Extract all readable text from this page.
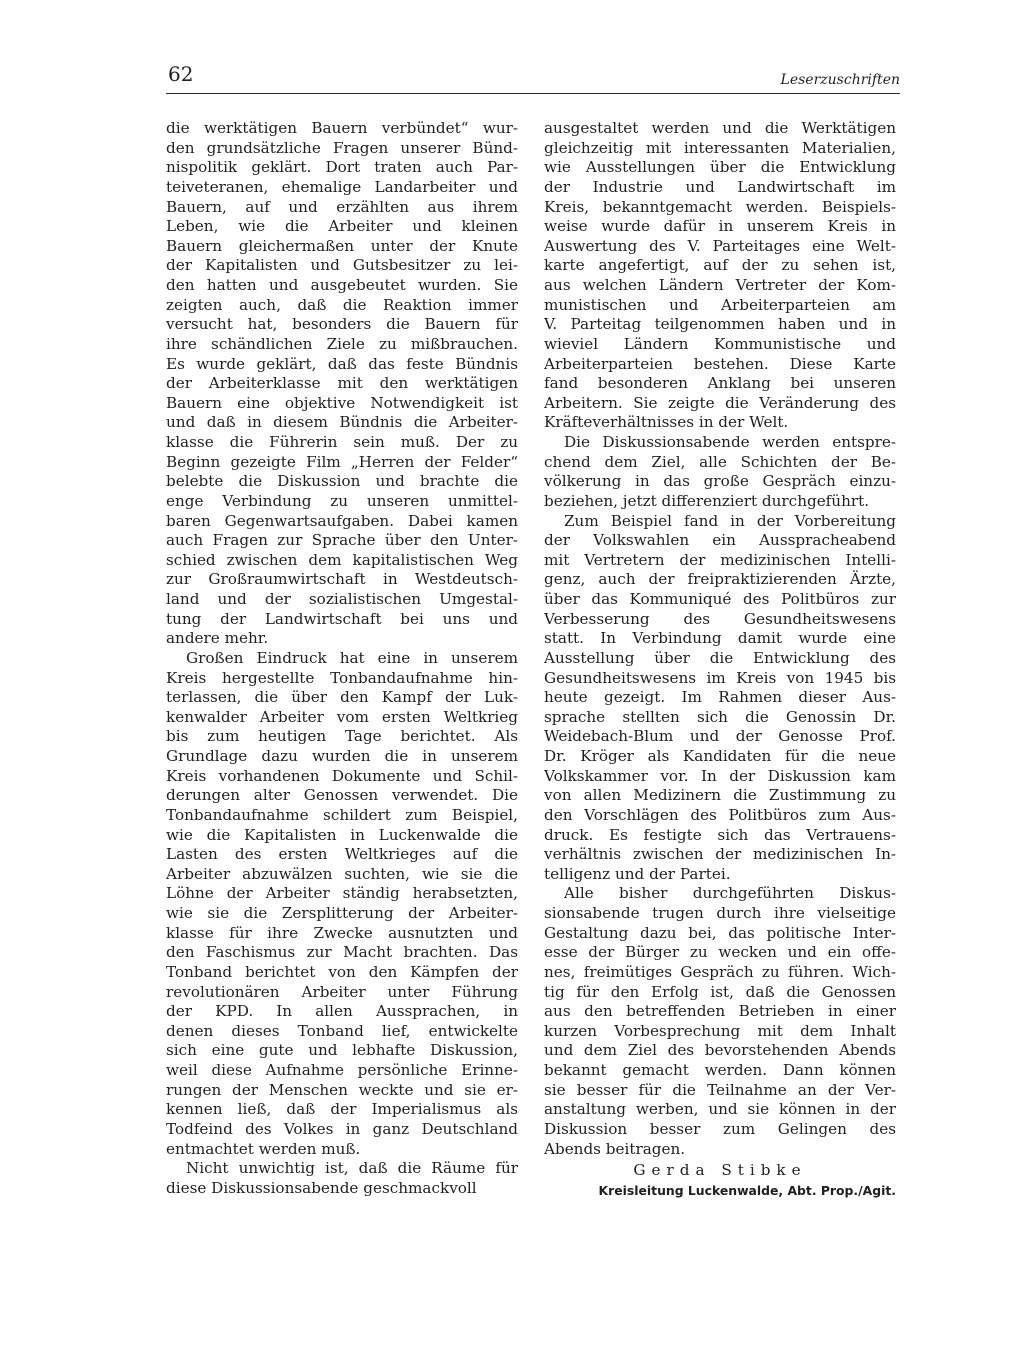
62	Leserzuschriften
die werktätigen Bauern verbündet“ wur-
den grundsätzliche Fragen unserer Bünd-
nispolitik geklärt. Dort traten auch Par-
teiveteranen, ehemalige Landarbeiter und
Bauern, auf und erzählten aus ihrem
Leben, wie die Arbeiter und kleinen
Bauern gleichermaßen unter der Knute
der Kapitalisten und Gutsbesitzer zu lei-
den hatten und ausgebeutet wurden. Sie
zeigten auch, daß die Reaktion immer
versucht hat, besonders die Bauern für
ihre schändlichen Ziele zu mißbrauchen.
Es wurde geklärt, daß das feste Bündnis
der Arbeiterklasse mit den werktätigen
Bauern eine objektive Notwendigkeit ist
und daß in diesem Bündnis die Arbeiter-
klasse die Führerin sein muß. Der zu
Beginn gezeigte Film „Herren der Felder“
belebte die Diskussion und brachte die
enge Verbindung zu unseren unmittel-
baren Gegenwartsaufgaben. Dabei kamen
auch Fragen zur Sprache über den Unter-
schied zwischen dem kapitalistischen Weg
zur Großraumwirtschaft in Westdeutsch-
land und der sozialistischen Umgestal-
tung der Landwirtschaft bei uns und
andere mehr.
Großen Eindruck hat eine in unserem
Kreis hergestellte Tonbandaufnahme hin-
terlassen, die über den Kampf der Luk-
kenwalder Arbeiter vom ersten Weltkrieg
bis zum heutigen Tage berichtet. Als
Grundlage dazu wurden die in unserem
Kreis vorhandenen Dokumente und Schil-
derungen alter Genossen verwendet. Die
Tonbandaufnahme schildert zum Beispiel,
wie die Kapitalisten in Luckenwalde die
Lasten des ersten Weltkrieges auf die
Arbeiter abzuwälzen suchten, wie sie die
Löhne der Arbeiter ständig herabsetzten,
wie sie die Zersplitterung der Arbeiter-
klasse für ihre Zwecke ausnutzten und
den Faschismus zur Macht brachten. Das
Tonband berichtet von den Kämpfen der
revolutionären Arbeiter unter Führung
der KPD. In allen Aussprachen, in
denen dieses Tonband lief, entwickelte
sich eine gute und lebhafte Diskussion,
weil diese Aufnahme persönliche Erinne-
rungen der Menschen weckte und sie er-
kennen ließ, daß der Imperialismus als
Todfeind des Volkes in ganz Deutschland
entmachtet werden muß.
Nicht unwichtig ist, daß die Räume für
diese Diskussionsabende geschmackvoll
ausgestaltet werden und die Werktätigen
gleichzeitig mit interessanten Materialien,
wie Ausstellungen über die Entwicklung
der Industrie und Landwirtschaft im
Kreis, bekanntgemacht werden. Beispiels-
weise wurde dafür in unserem Kreis in
Auswertung des V. Parteitages eine Welt-
karte angefertigt, auf der zu sehen ist,
aus welchen Ländern Vertreter der Kom-
munistischen und Arbeiterparteien am
V. Parteitag teilgenommen haben und in
wieviel Ländern Kommunistische und
Arbeiterparteien bestehen. Diese Karte
fand besonderen Anklang bei unseren
Arbeitern. Sie zeigte die Veränderung des
Kräfteverhältnisses in der Welt.
Die Diskussionsabende werden entspre-
chend dem Ziel, alle Schichten der Be-
völkerung in das große Gespräch einzu-
beziehen, jetzt differenziert durchgeführt.
Zum Beispiel fand in der Vorbereitung
der Volkswahlen ein Ausspracheabend
mit Vertretern der medizinischen Intelli-
genz, auch der freipraktizierenden Ärzte,
über das Kommuniqué des Politbüros zur
Verbesserung des Gesundheitswesens
statt. In Verbindung damit wurde eine
Ausstellung über die Entwicklung des
Gesundheitswesens im Kreis von 1945 bis
heute gezeigt. Im Rahmen dieser Aus-
sprache stellten sich die Genossin Dr.
Weidebach-Blum und der Genosse Prof.
Dr. Kröger als Kandidaten für die neue
Volkskammer vor. In der Diskussion kam
von allen Medizinern die Zustimmung zu
den Vorschlägen des Politbüros zum Aus-
druck. Es festigte sich das Vertrauens-
verhältnis zwischen der medizinischen In-
telligenz und der Partei.
Alle bisher durchgeführten Diskus-
sionsabende trugen durch ihre vielseitige
Gestaltung dazu bei, das politische Inter-
esse der Bürger zu wecken und ein offe-
nes, freimütiges Gespräch zu führen. Wich-
tig für den Erfolg ist, daß die Genossen
aus den betreffenden Betrieben in einer
kurzen Vorbesprechung mit dem Inhalt
und dem Ziel des bevorstehenden Abends
bekannt gemacht werden. Dann können
sie besser für die Teilnahme an der Ver-
anstaltung werben, und sie können in der
Diskussion besser zum Gelingen des
Abends beitragen.
Gerda Stibke
Kreisleitung Luckenwalde, Abt. Prop./Agit.
